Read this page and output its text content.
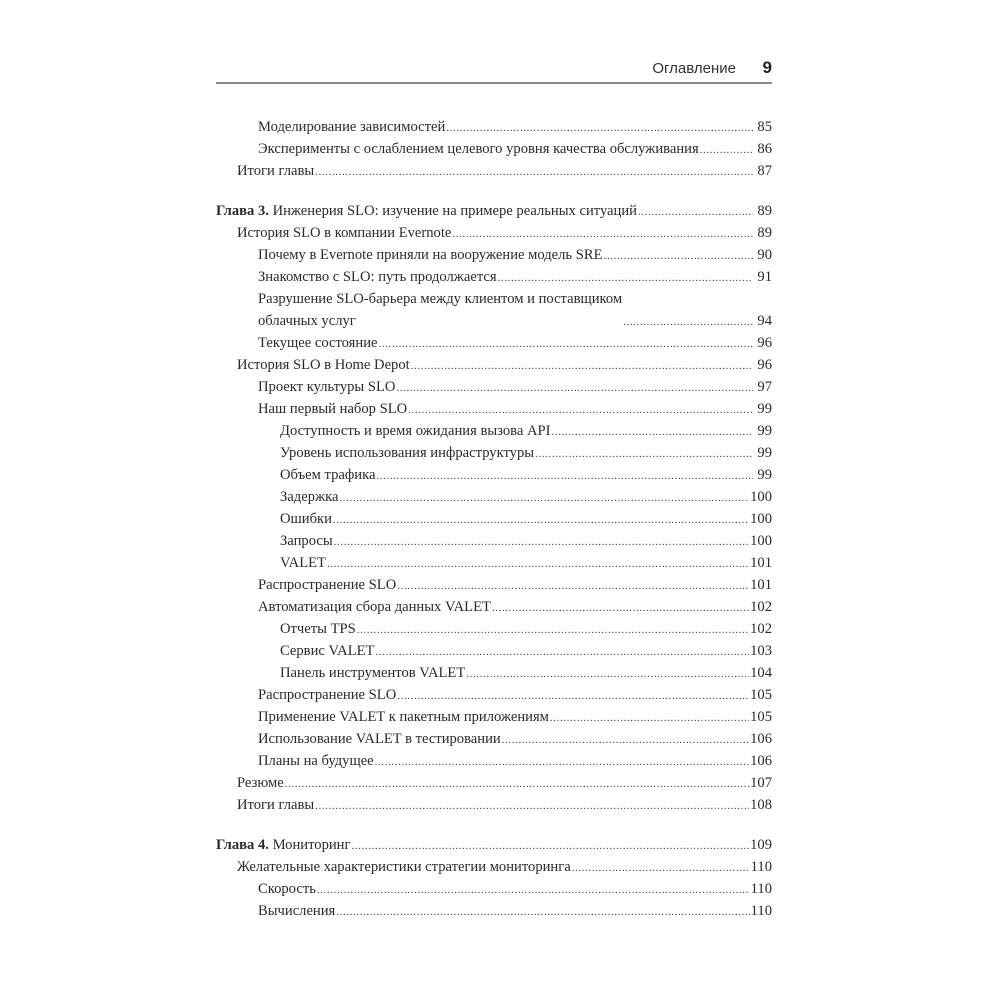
Оглавление 9
Моделирование зависимостей .....	85
Эксперименты с ослаблением целевого уровня качества обслуживания .....	86
Итоги главы .....	87
Глава 3. Инженерия SLO: изучение на примере реальных ситуаций .....	89
История SLO в компании Evernote .....	89
Почему в Evernote приняли на вооружение модель SRE .....	90
Знакомство с SLO: путь продолжается .....	91
Разрушение SLO-барьера между клиентом и поставщиком
облачных услуг .....	94
Текущее состояние .....	96
История SLO в Home Depot .....	96
Проект культуры SLO .....	97
Наш первый набор SLO .....	99
Доступность и время ожидания вызова API .....	99
Уровень использования инфраструктуры .....	99
Объем трафика .....	99
Задержка .....	100
Ошибки .....	100
Запросы .....	100
VALET .....	101
Распространение SLO .....	101
Автоматизация сбора данных VALET .....	102
Отчеты TPS .....	102
Сервис VALET .....	103
Панель инструментов VALET .....	104
Распространение SLO .....	105
Применение VALET к пакетным приложениям .....	105
Использование VALET в тестировании .....	106
Планы на будущее .....	106
Резюме .....	107
Итоги главы .....	108
Глава 4. Мониторинг .....	109
Желательные характеристики стратегии мониторинга .....	110
Скорость .....	110
Вычисления .....	110
